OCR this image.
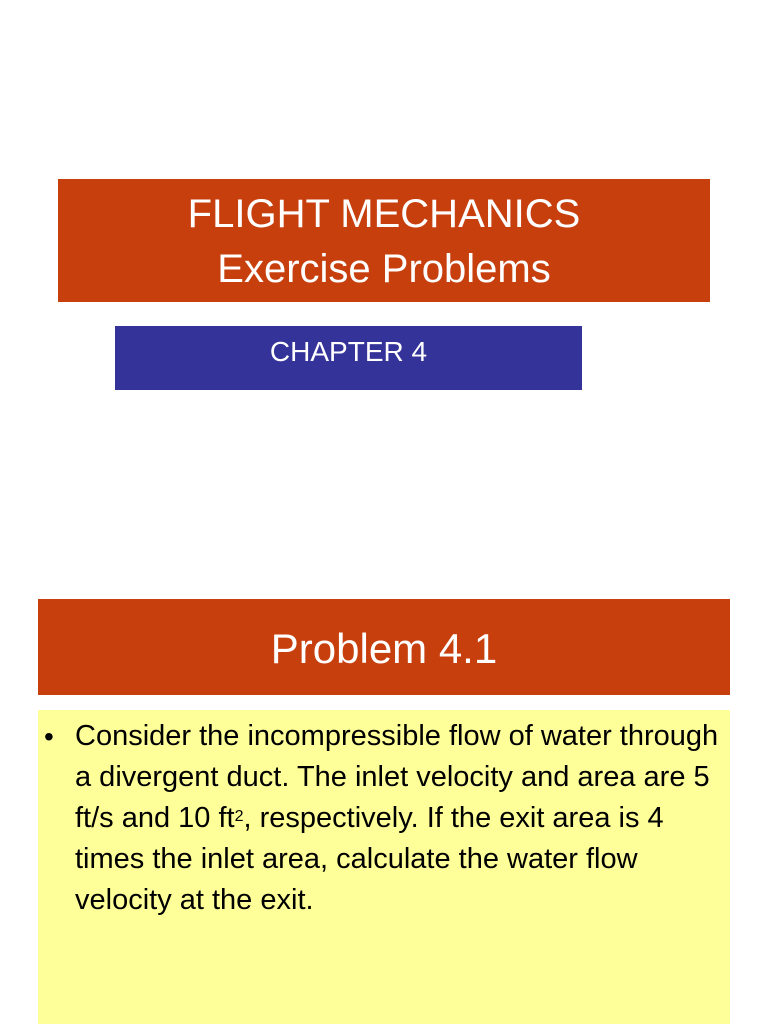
FLIGHT MECHANICS
Exercise Problems
CHAPTER 4
Problem 4.1
• Consider the incompressible flow of water through a divergent duct. The inlet velocity and area are 5 ft/s and 10 $ft^2$, respectively. If the exit area is 4 times the inlet area, calculate the water flow velocity at the exit.
